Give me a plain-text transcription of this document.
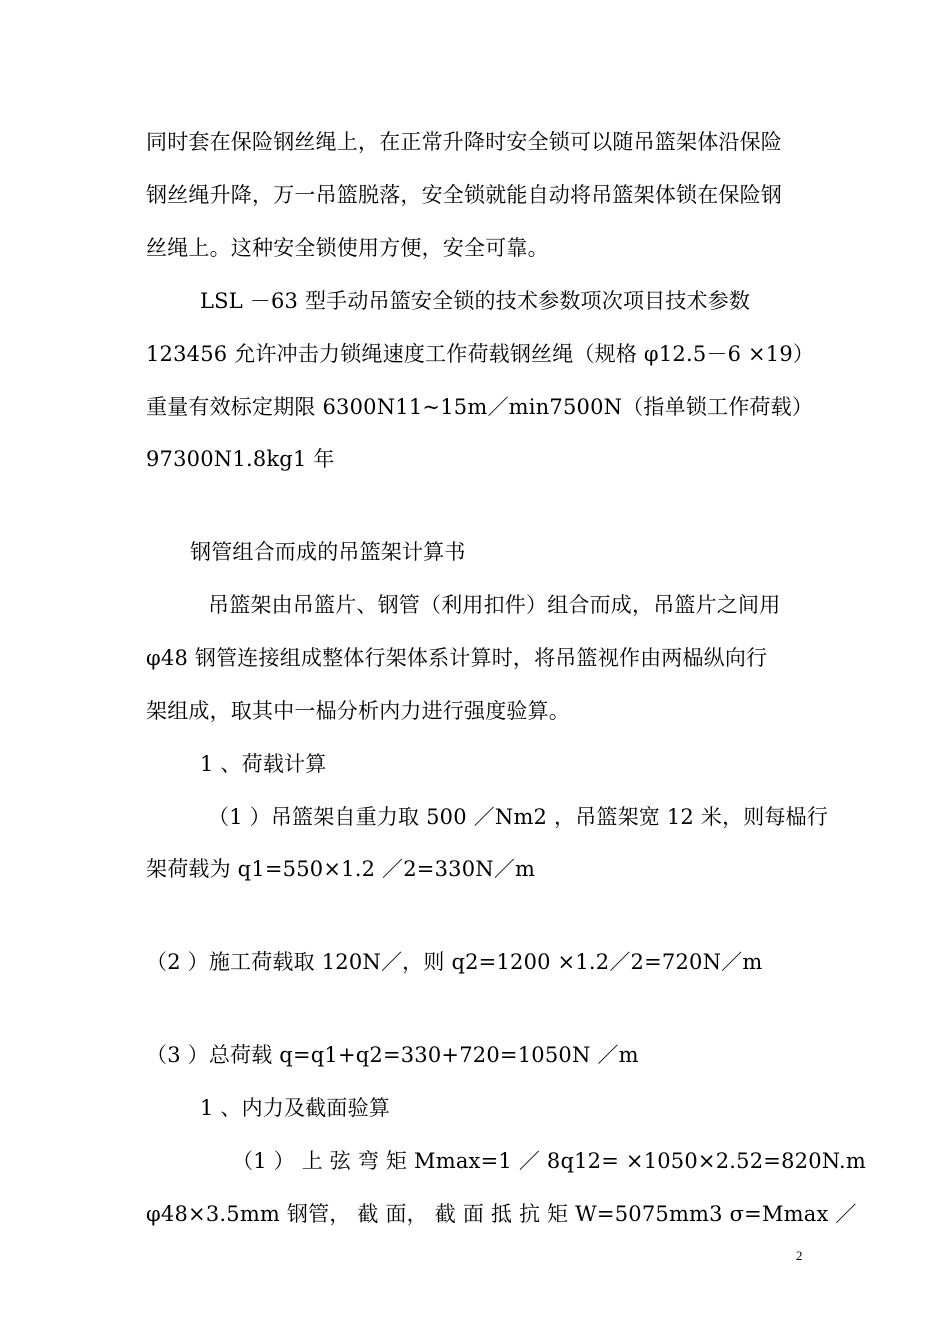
同时套在保险钢丝绳上，在正常升降时安全锁可以随吊篮架体沿保险
钢丝绳升降，万一吊篮脱落，安全锁就能自动将吊篮架体锁在保险钢
丝绳上。这种安全锁使用方便，安全可靠。
LSL －63 型手动吊篮安全锁的技术参数项次项目技术参数
123456 允许冲击力锁绳速度工作荷载钢丝绳（规格 φ12.5－6 ×19）
重量有效标定期限 6300N11~15m／min7500N（指单锁工作荷载）
97300N1.8kg1 年
钢管组合而成的吊篮架计算书
吊篮架由吊篮片、钢管（利用扣件）组合而成，吊篮片之间用
φ48 钢管连接组成整体行架体系计算时，将吊篮视作由两榀纵向行
架组成，取其中一榀分析内力进行强度验算。
1 、荷载计算
（1 ）吊篮架自重力取 500 ／Nm2 ，吊篮架宽 12 米，则每榀行
架荷载为 q1=550×1.2 ／2=330N／m
（2 ）施工荷载取 120N／，则 q2=1200 ×1.2／2=720N／m
（3 ）总荷载 q=q1+q2=330+720=1050N ／m
1 、内力及截面验算
（1 ） 上 弦 弯 矩 Mmax=1 ／ 8q12= ×1050×2.52=820N.m
φ48×3.5mm 钢管， 截 面， 截 面 抵 抗 矩 W=5075mm3 σ=Mmax ／
2
